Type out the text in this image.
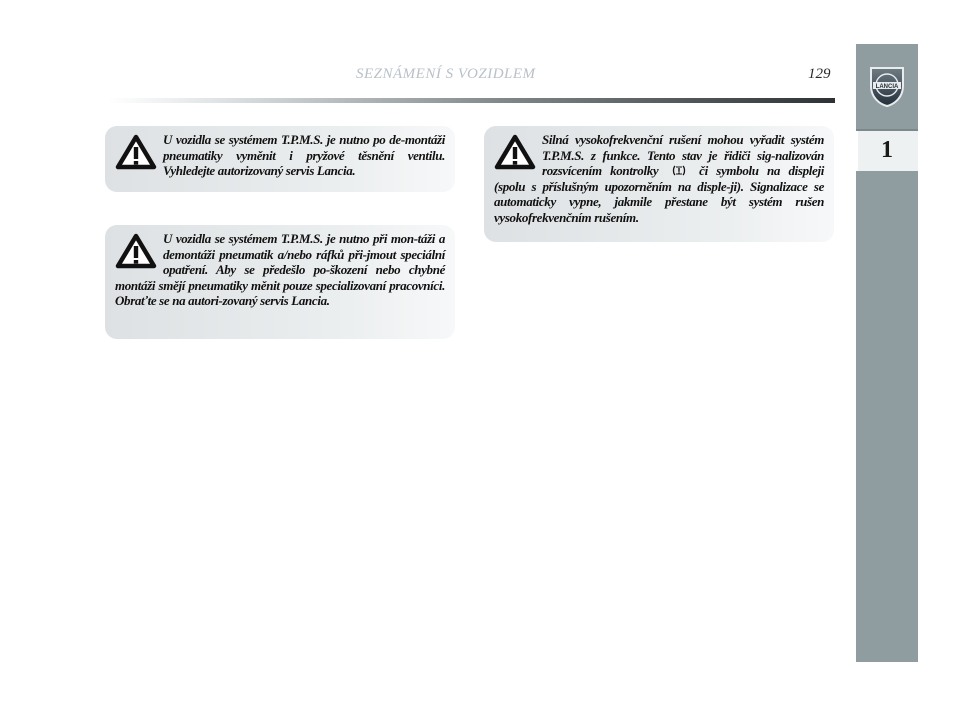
SEZNÁMENÍ S VOZIDLEM	129
LANCIA
1

U vozidla se systémem T.P.M.S. je nutno po de-montáži pneumatiky vyměnit i pryžové těsnění ventilu. Vyhledejte autorizovaný servis Lancia.

U vozidla se systémem T.P.M.S. je nutno při mon-táži a demontáži pneumatik a/nebo ráfků při-jmout speciální opatření. Aby se předešlo po-škození nebo chybné montáži smějí pneumatiky měnit pouze specializovaní pracovníci. Obraťte se na autori-zovaný servis Lancia.

Silná vysokofrekvenční rušení mohou vyřadit systém T.P.M.S. z funkce. Tento stav je řidiči sig-nalizován rozsvícením kontrolky	či symbolu na displeji (spolu s příslušným upozorněním na disple-ji). Signalizace se automaticky vypne, jakmile přestane být systém rušen vysokofrekvenčním rušením.
